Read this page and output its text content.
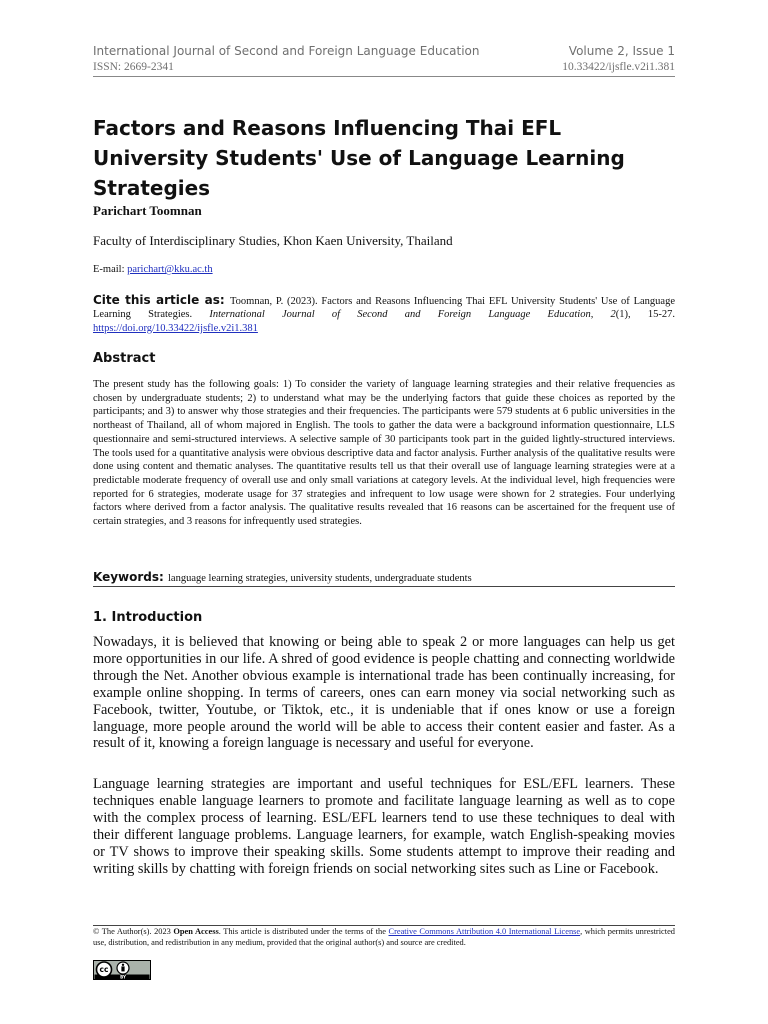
International Journal of Second and Foreign Language Education	Volume 2, Issue 1
ISSN: 2669-2341	10.33422/ijsfle.v2i1.381
Factors and Reasons Influencing Thai EFL University Students' Use of Language Learning Strategies
Parichart Toomnan
Faculty of Interdisciplinary Studies, Khon Kaen University, Thailand
E-mail: parichart@kku.ac.th
Cite this article as: Toomnan, P. (2023). Factors and Reasons Influencing Thai EFL University Students' Use of Language Learning Strategies. International Journal of Second and Foreign Language Education, 2(1), 15-27. https://doi.org/10.33422/ijsfle.v2i1.381
Abstract
The present study has the following goals: 1) To consider the variety of language learning strategies and their relative frequencies as chosen by undergraduate students; 2) to understand what may be the underlying factors that guide these choices as reported by the participants; and 3) to answer why those strategies and their frequencies. The participants were 579 students at 6 public universities in the northeast of Thailand, all of whom majored in English. The tools to gather the data were a background information questionnaire, LLS questionnaire and semi-structured interviews. A selective sample of 30 participants took part in the guided lightly-structured interviews. The tools used for a quantitative analysis were obvious descriptive data and factor analysis. Further analysis of the qualitative results were done using content and thematic analyses. The quantitative results tell us that their overall use of language learning strategies were at a predictable moderate frequency of overall use and only small variations at category levels. At the individual level, high frequencies were reported for 6 strategies, moderate usage for 37 strategies and infrequent to low usage were shown for 2 strategies. Four underlying factors where derived from a factor analysis. The qualitative results revealed that 16 reasons can be ascertained for the frequent use of certain strategies, and 3 reasons for infrequently used strategies.
Keywords: language learning strategies, university students, undergraduate students
1. Introduction

Nowadays, it is believed that knowing or being able to speak 2 or more languages can help us get more opportunities in our life. A shred of good evidence is people chatting and connecting worldwide through the Net. Another obvious example is international trade has been continually increasing, for example online shopping. In terms of careers, ones can earn money via social networking such as Facebook, twitter, Youtube, or Tiktok, etc., it is undeniable that if ones know or use a foreign language, more people around the world will be able to access their content easier and faster. As a result of it, knowing a foreign language is necessary and useful for everyone.

Language learning strategies are important and useful techniques for ESL/EFL learners. These techniques enable language learners to promote and facilitate language learning as well as to cope with the complex process of learning. ESL/EFL learners tend to use these techniques to deal with their different language problems. Language learners, for example, watch English-speaking movies or TV shows to improve their speaking skills. Some students attempt to improve their reading and writing skills by chatting with foreign friends on social networking sites such as Line or Facebook.

© The Author(s). 2023 Open Access. This article is distributed under the terms of the Creative Commons Attribution 4.0 International License, which permits unrestricted use, distribution, and redistribution in any medium, provided that the original author(s) and source are credited.
cc
BY
